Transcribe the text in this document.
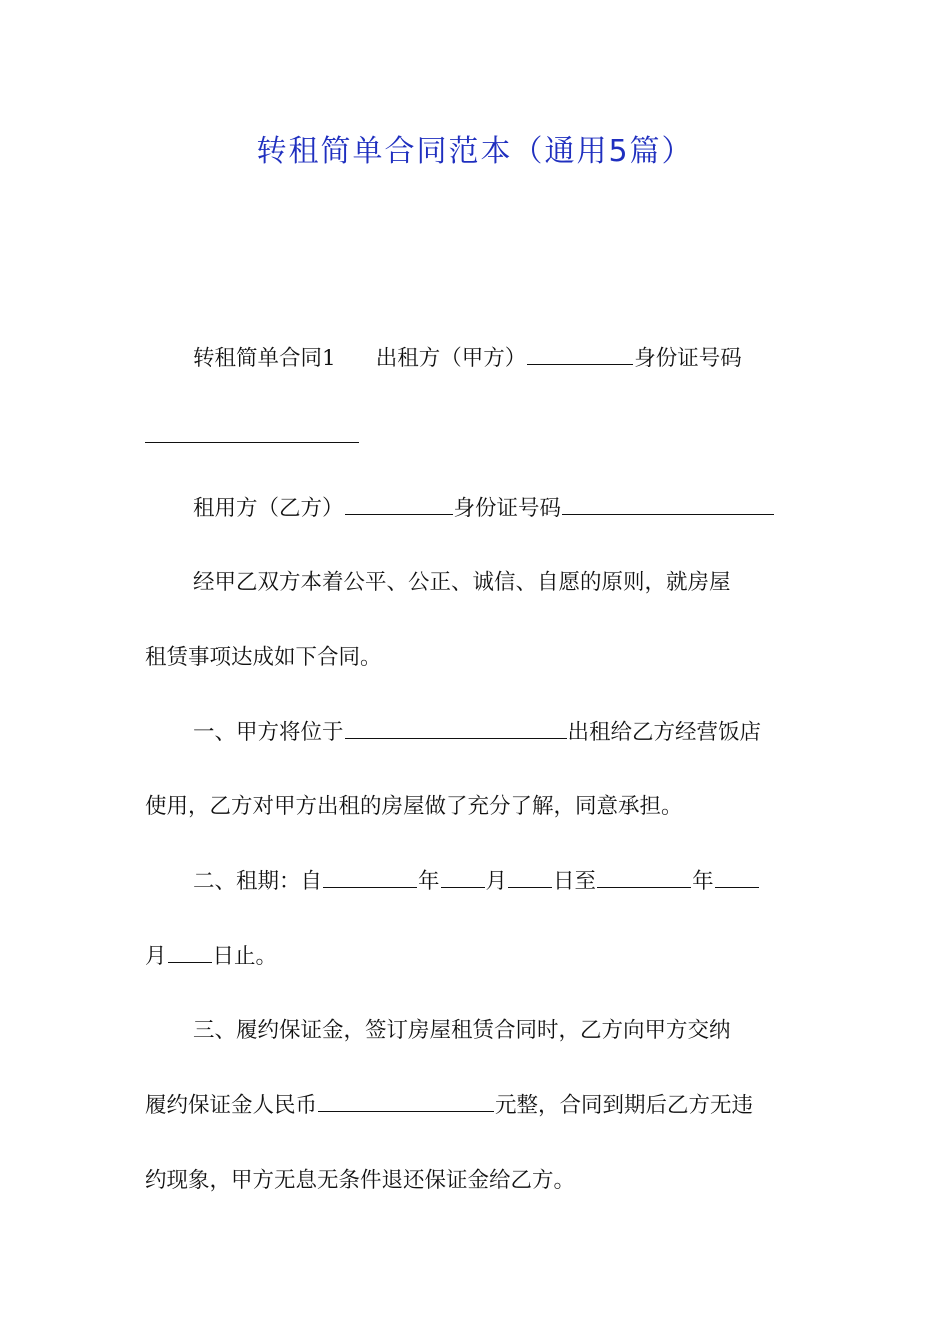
转租简单合同范本（通用5篇）

转租简单合同1 出租方（甲方）	身份证号码

租用方（乙方）	身份证号码

经甲乙双方本着公平、公正、诚信、自愿的原则，就房屋

租赁事项达成如下合同。

一、甲方将位于	出租给乙方经营饭店

使用，乙方对甲方出租的房屋做了充分了解，同意承担。

二、租期：自	年 月 日至	年

月 日止。

三、履约保证金，签订房屋租赁合同时，乙方向甲方交纳

履约保证金人民币	元整，合同到期后乙方无违

约现象，甲方无息无条件退还保证金给乙方。
